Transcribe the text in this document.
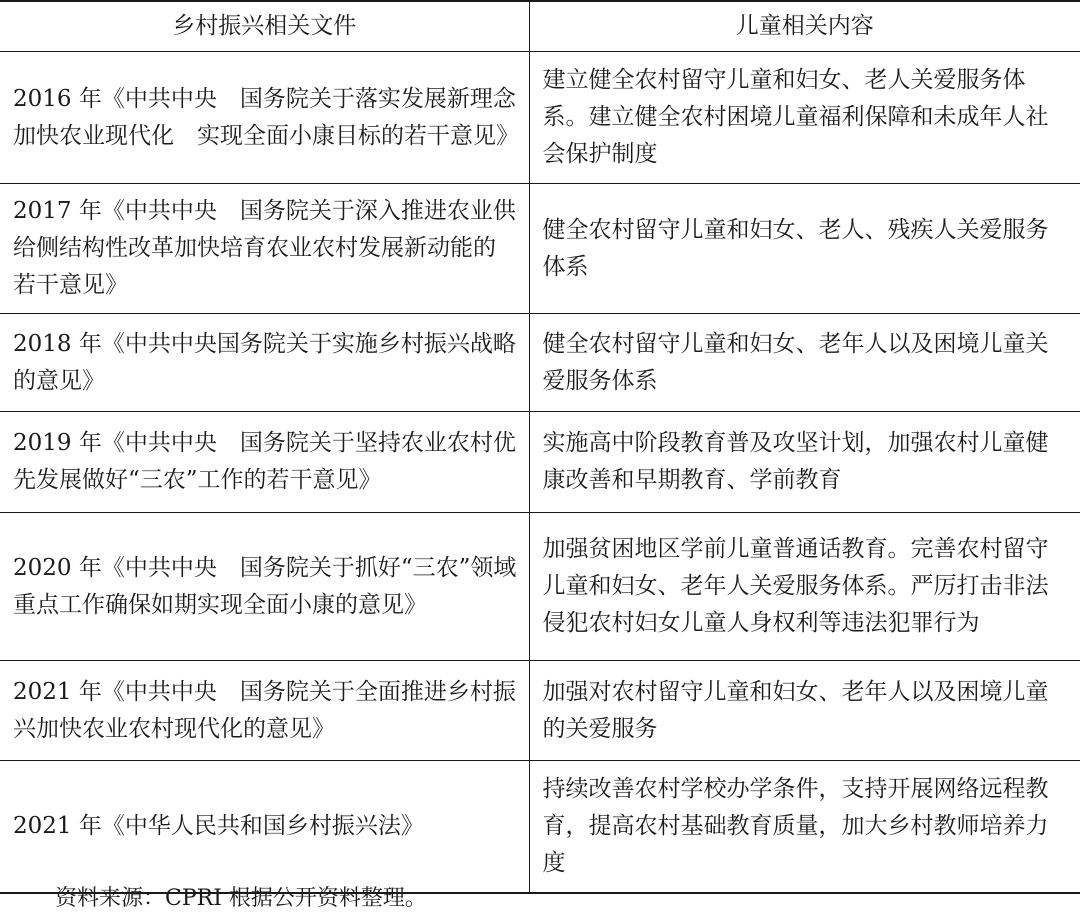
乡村振兴相关文件	儿童相关内容
2016 年《中共中央　国务院关于落实发展新理念加快农业现代化　实现全面小康目标的若干意见》	建立健全农村留守儿童和妇女、老人关爱服务体系。建立健全农村困境儿童福利保障和未成年人社会保护制度
2017 年《中共中央　国务院关于深入推进农业供给侧结构性改革加快培育农业农村发展新动能的若干意见》	健全农村留守儿童和妇女、老人、残疾人关爱服务体系
2018 年《中共中央国务院关于实施乡村振兴战略的意见》	健全农村留守儿童和妇女、老年人以及困境儿童关爱服务体系
2019 年《中共中央　国务院关于坚持农业农村优先发展做好“三农”工作的若干意见》	实施高中阶段教育普及攻坚计划，加强农村儿童健康改善和早期教育、学前教育
2020 年《中共中央　国务院关于抓好“三农”领域重点工作确保如期实现全面小康的意见》	加强贫困地区学前儿童普通话教育。完善农村留守儿童和妇女、老年人关爱服务体系。严厉打击非法侵犯农村妇女儿童人身权利等违法犯罪行为
2021 年《中共中央　国务院关于全面推进乡村振兴加快农业农村现代化的意见》	加强对农村留守儿童和妇女、老年人以及困境儿童的关爱服务
2021 年《中华人民共和国乡村振兴法》	持续改善农村学校办学条件，支持开展网络远程教育，提高农村基础教育质量，加大乡村教师培养力度
资料来源：CPRI 根据公开资料整理。
